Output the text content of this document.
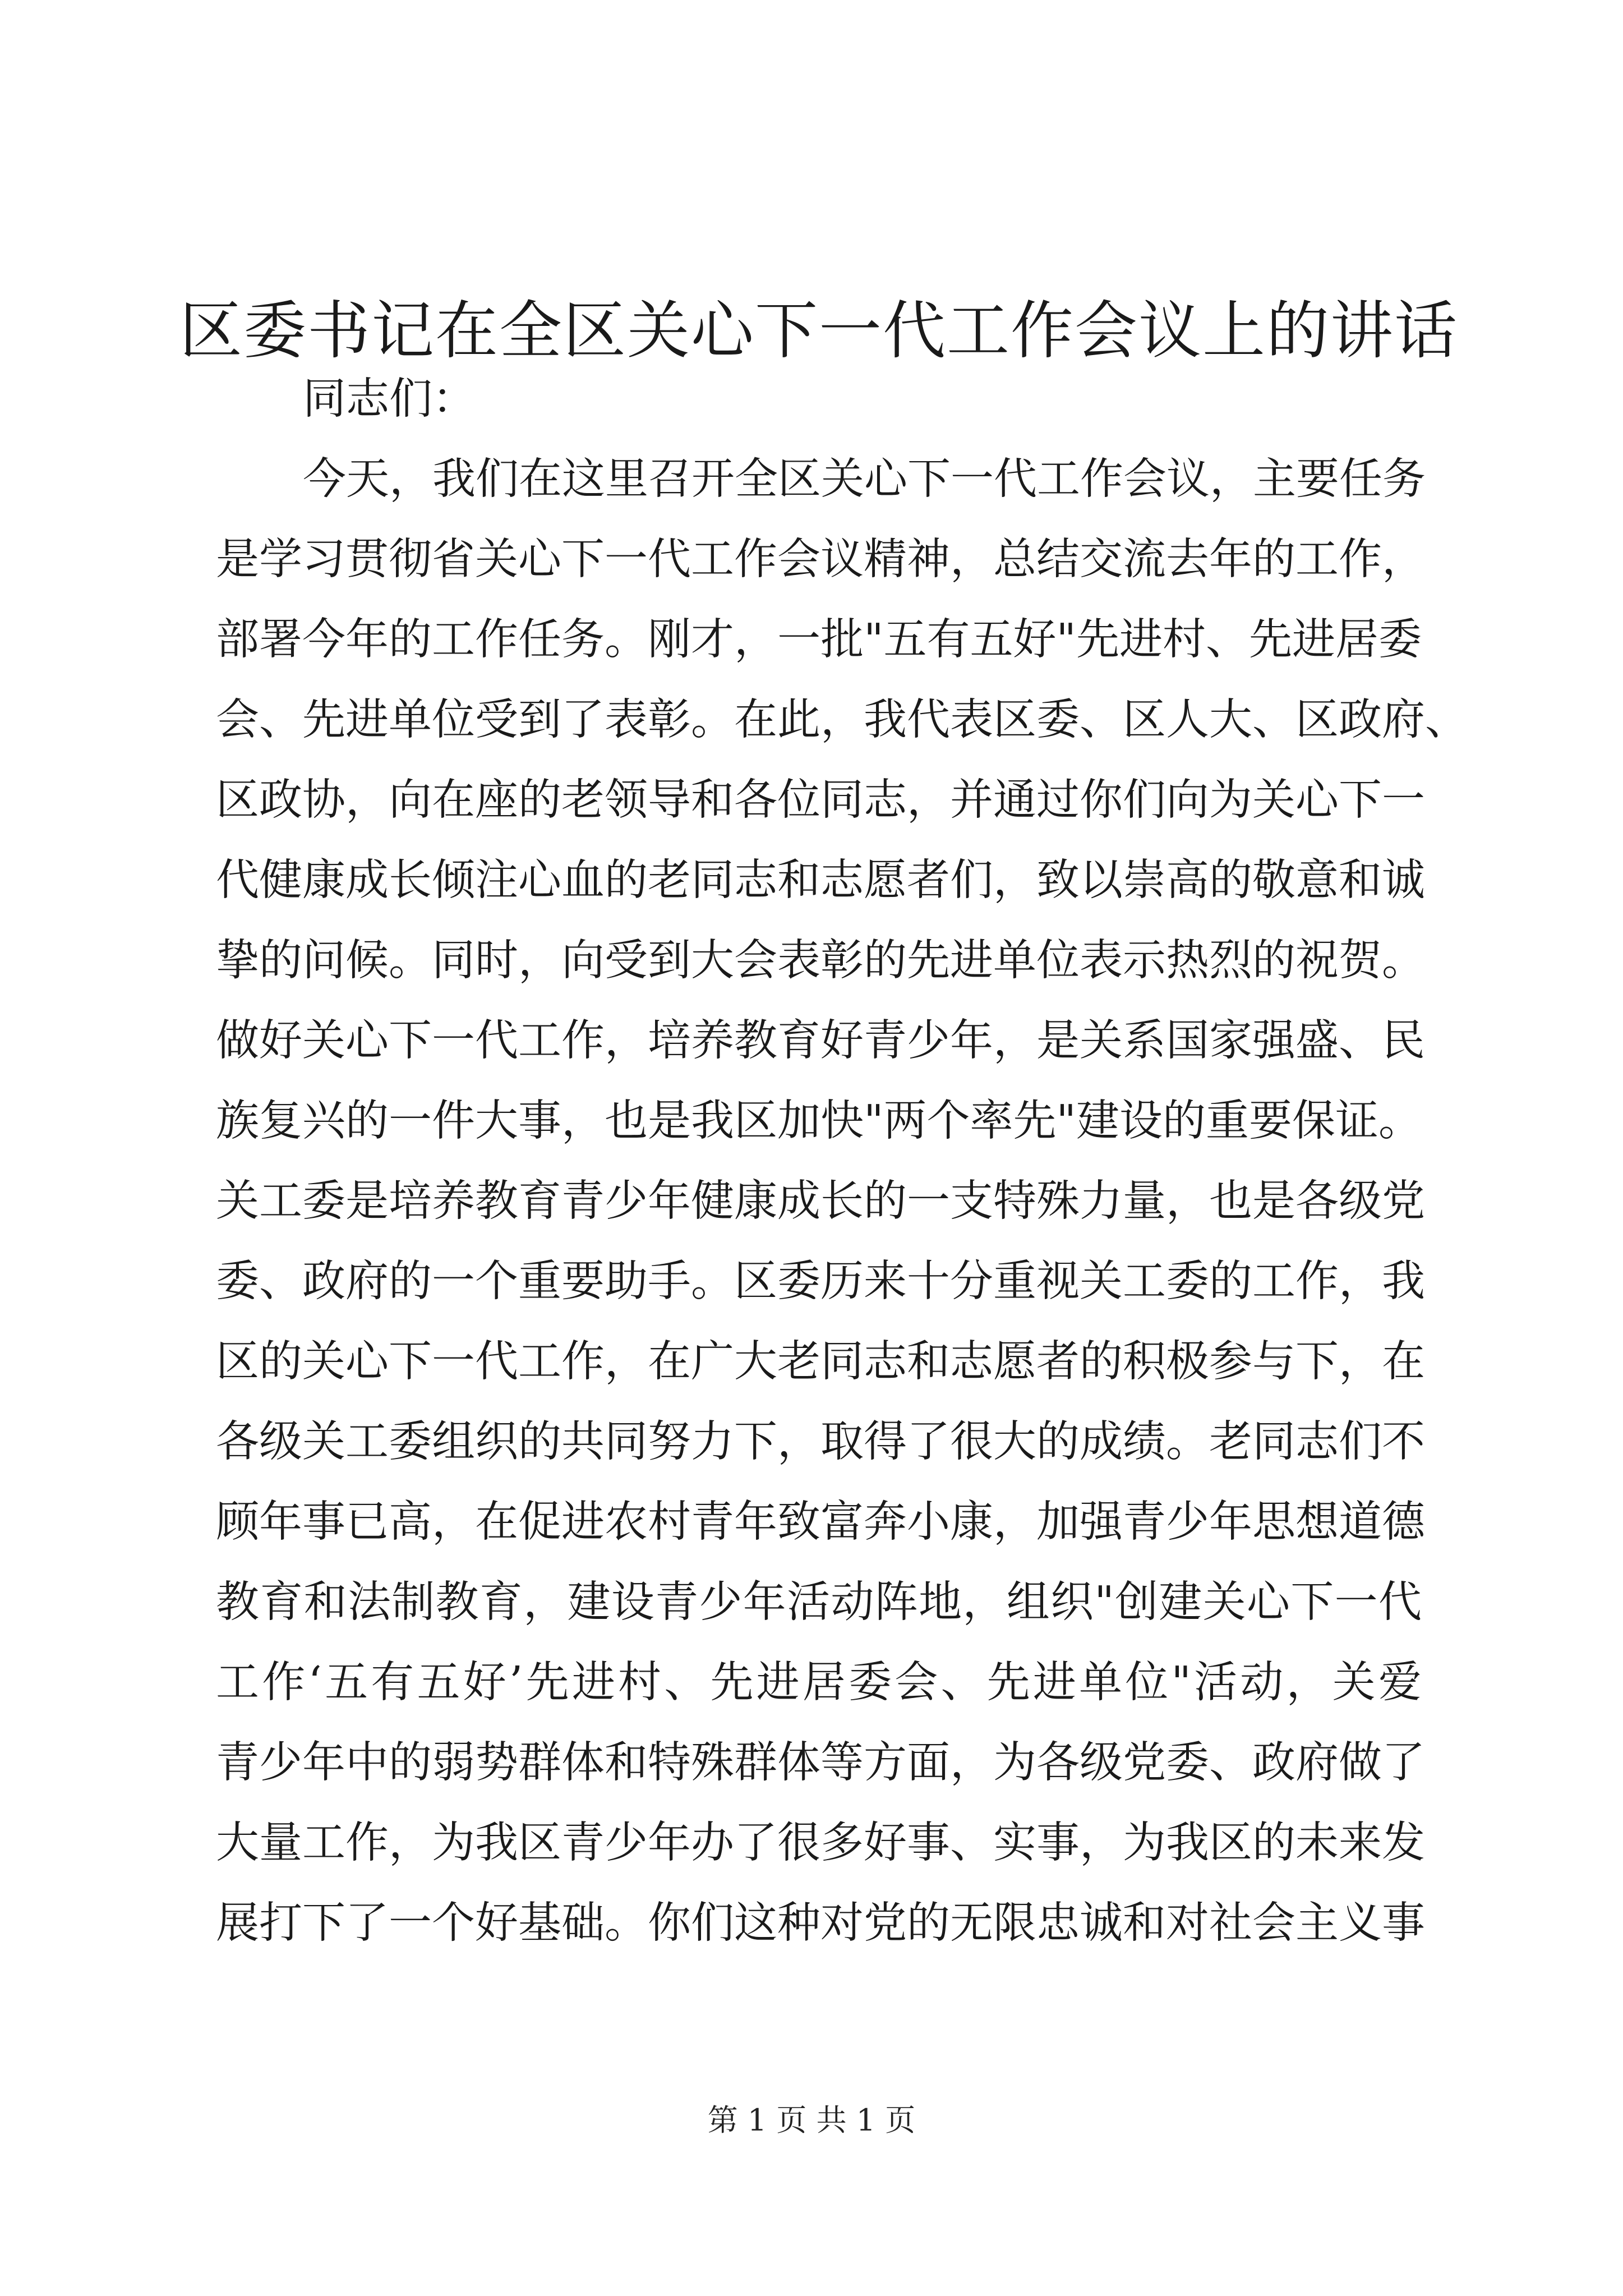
区委书记在全区关心下一代工作会议上的讲话
同志们：
今天，我们在这里召开全区关心下一代工作会议，主要任务
是学习贯彻省关心下一代工作会议精神，总结交流去年的工作，
部署今年的工作任务。刚才，一批"五有五好"先进村、先进居委
会、先进单位受到了表彰。在此，我代表区委、区人大、区政府、
区政协，向在座的老领导和各位同志，并通过你们向为关心下一
代健康成长倾注心血的老同志和志愿者们，致以崇高的敬意和诚
挚的问候。同时，向受到大会表彰的先进单位表示热烈的祝贺。
做好关心下一代工作，培养教育好青少年，是关系国家强盛、民
族复兴的一件大事，也是我区加快"两个率先"建设的重要保证。
关工委是培养教育青少年健康成长的一支特殊力量，也是各级党
委、政府的一个重要助手。区委历来十分重视关工委的工作，我
区的关心下一代工作，在广大老同志和志愿者的积极参与下，在
各级关工委组织的共同努力下，取得了很大的成绩。老同志们不
顾年事已高，在促进农村青年致富奔小康，加强青少年思想道德
教育和法制教育，建设青少年活动阵地，组织"创建关心下一代
工作‘五有五好’先进村、先进居委会、先进单位"活动，关爱
青少年中的弱势群体和特殊群体等方面，为各级党委、政府做了
大量工作，为我区青少年办了很多好事、实事，为我区的未来发
展打下了一个好基础。你们这种对党的无限忠诚和对社会主义事
第 1 页 共 1 页
